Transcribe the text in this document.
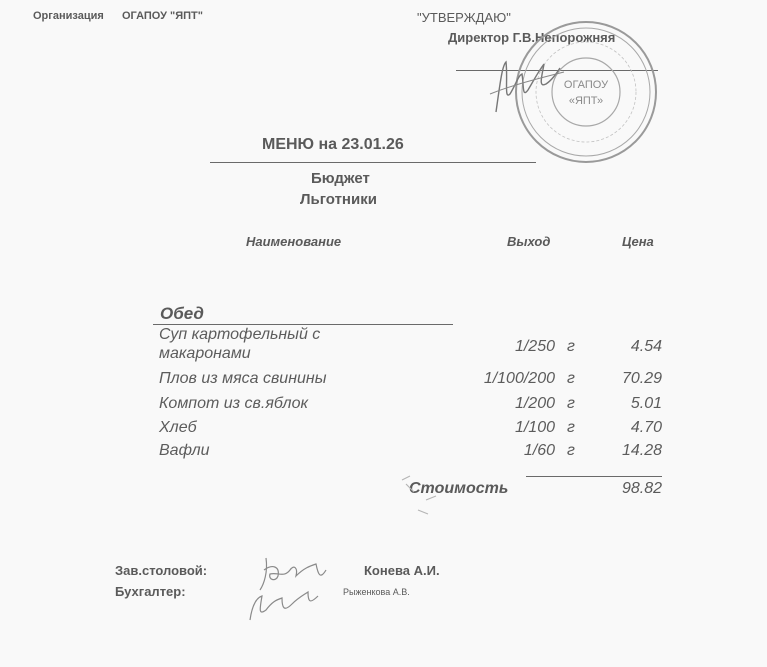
Организация ОГАПОУ "ЯПТ"	"УТВЕРЖДАЮ"
Директор Г.В.Непорожняя
ОГАПОУ
«ЯПТ»
МЕНЮ на 23.01.26
Бюджет
Льготники
Наименование	Выход	Цена
Обед
Суп картофельный с
макаронами	1/250 г	4.54
Плов из мяса свинины	1/100/200 г	70.29
Компот из св.яблок	1/200 г	5.01
Хлеб	1/100 г	4.70
Вафли	1/60 г	14.28
Стоимость	98.82
Зав.столовой:	Конева А.И.
Бухгалтер:	Рыженкова А.В.
